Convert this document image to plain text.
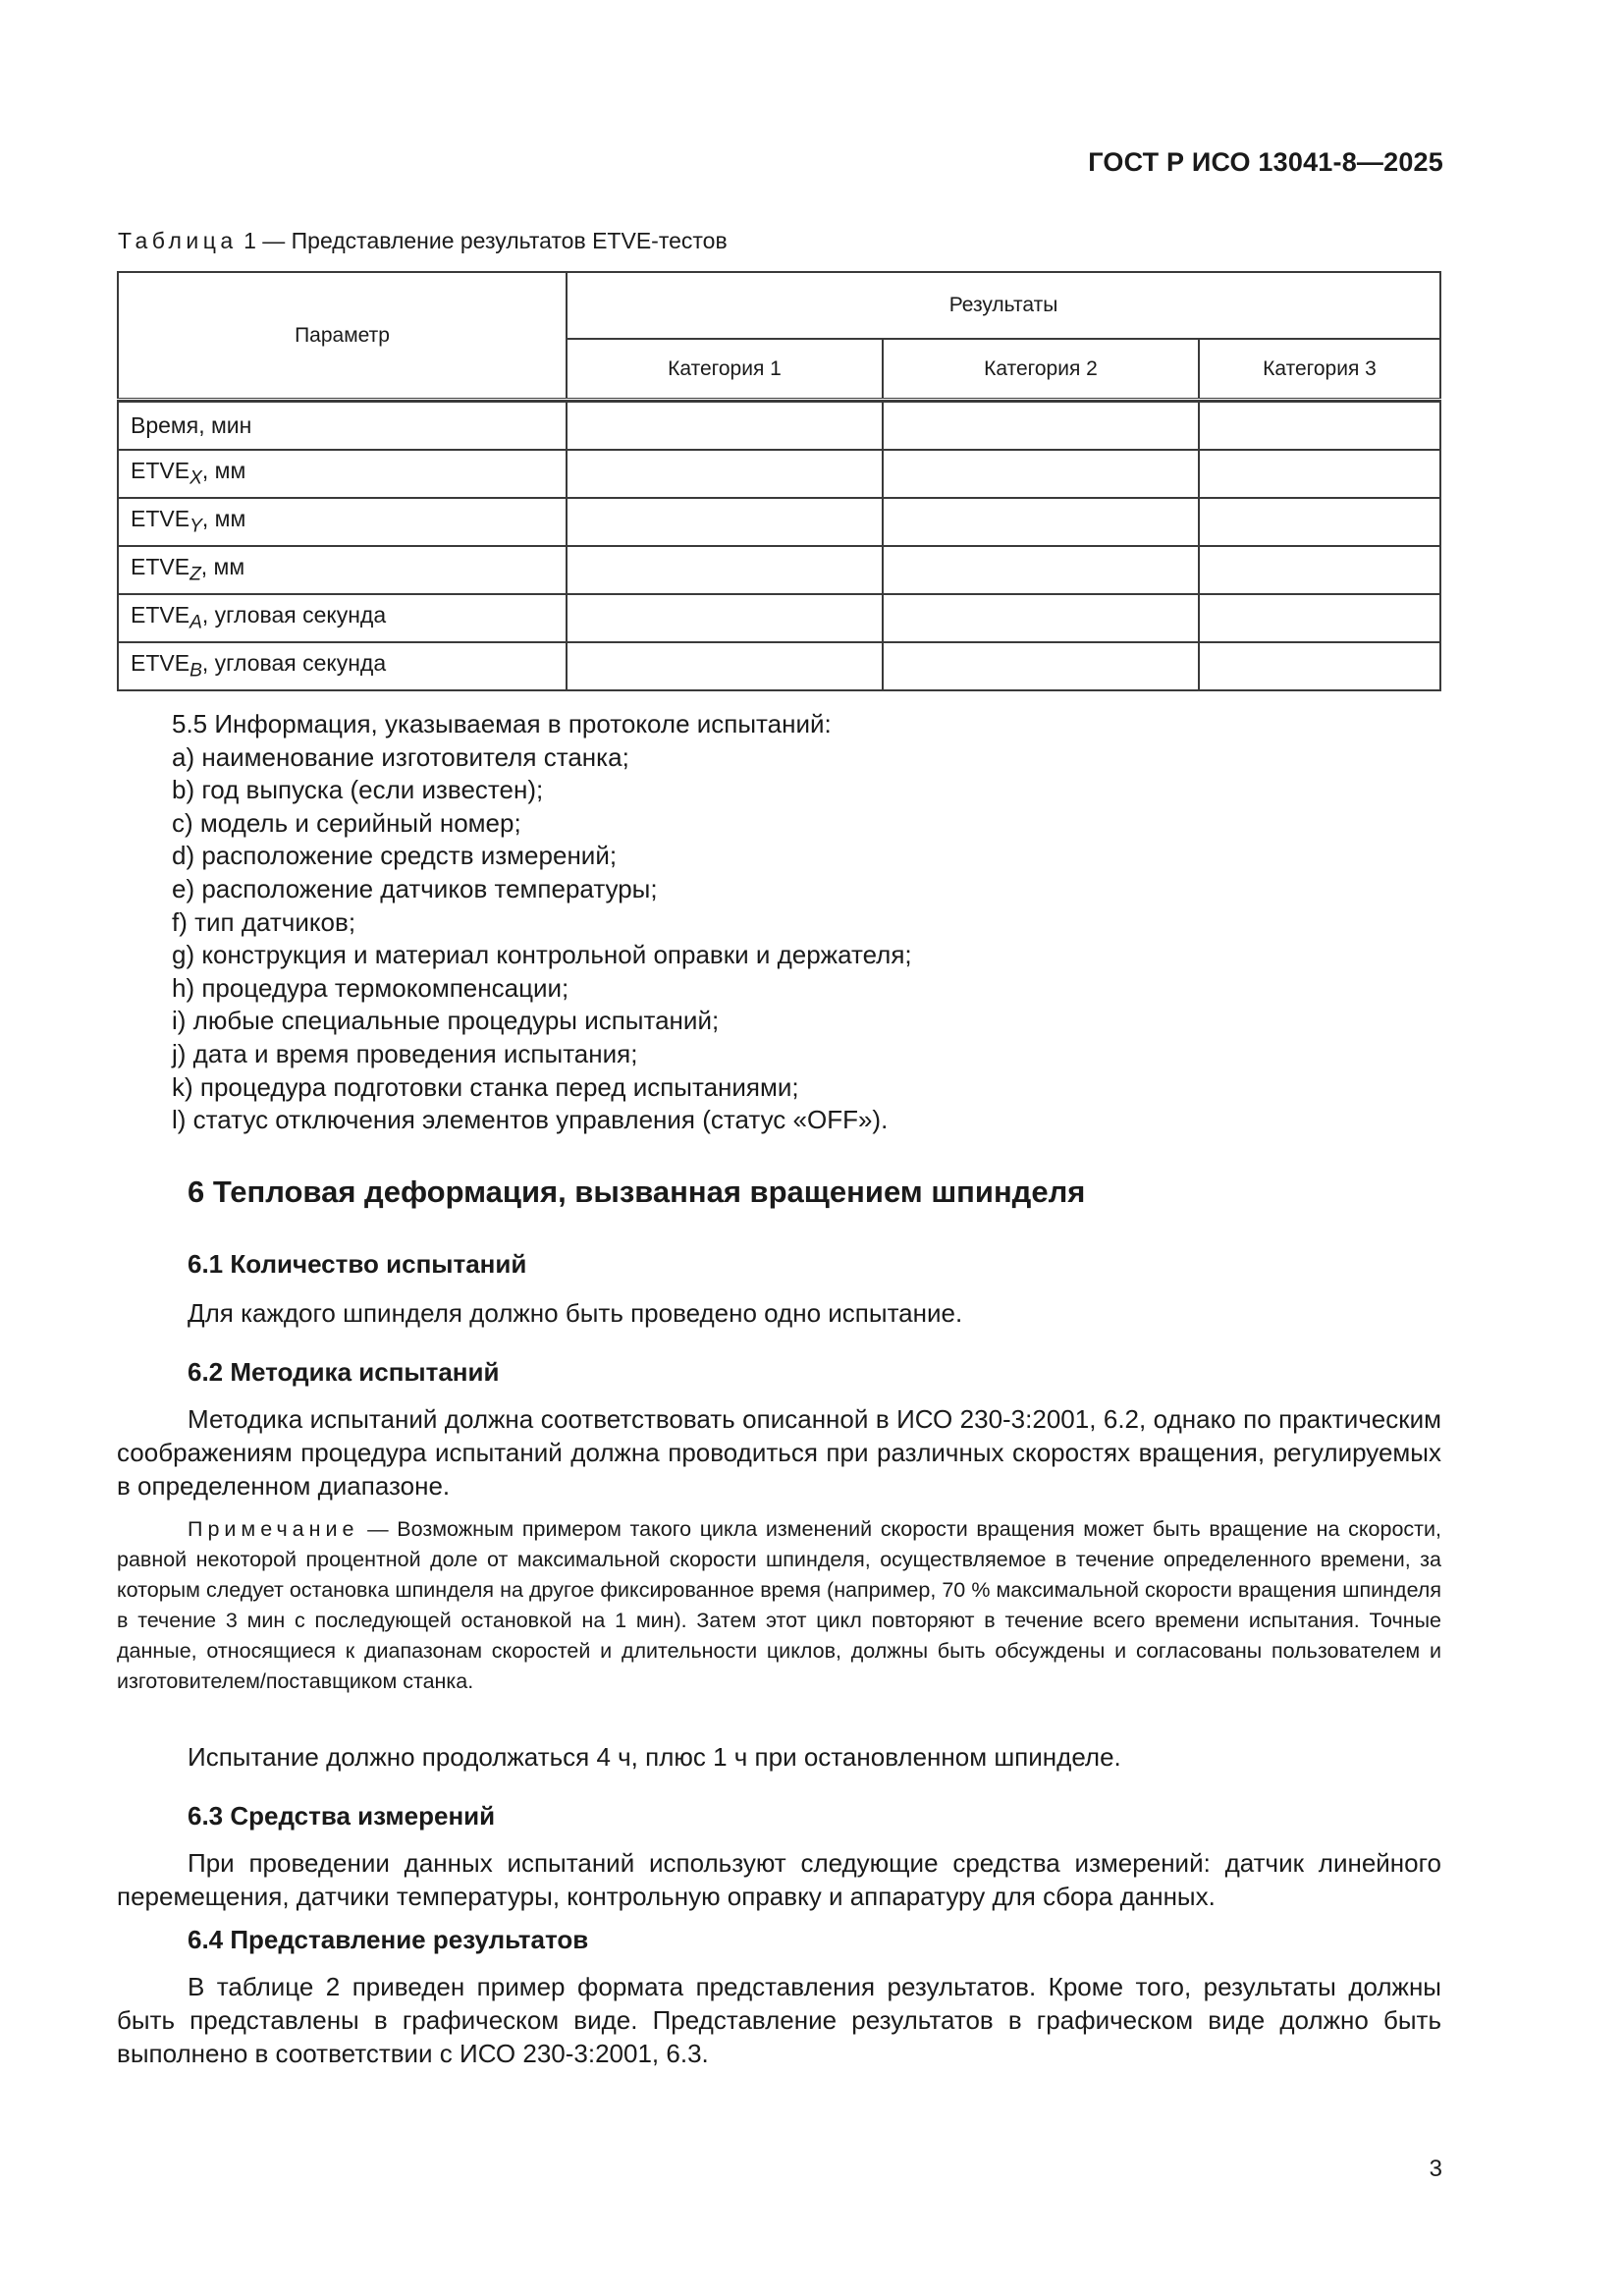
ГОСТ Р ИСО 13041-8—2025
Таблица 1 — Представление результатов ETVE-тестов
Параметр	Результаты		
	Категория 1	Категория 2	Категория 3

Время, мин			
$ETVE_X$, мм			
$ETVE_Y$, мм			
$ETVE_Z$, мм			
$ETVE_A$, угловая секунда			
$ETVE_B$, угловая секунда			
5.5 Информация, указываемая в протоколе испытаний:
a) наименование изготовителя станка;
b) год выпуска (если известен);
c) модель и серийный номер;
d) расположение средств измерений;
e) расположение датчиков температуры;
f) тип датчиков;
g) конструкция и материал контрольной оправки и держателя;
h) процедура термокомпенсации;
i) любые специальные процедуры испытаний;
j) дата и время проведения испытания;
k) процедура подготовки станка перед испытаниями;
l) статус отключения элементов управления (статус «OFF»).
6 Тепловая деформация, вызванная вращением шпинделя
6.1 Количество испытаний
Для каждого шпинделя должно быть проведено одно испытание.
6.2 Методика испытаний
Методика испытаний должна соответствовать описанной в ИСО 230-3:2001, 6.2, однако по практическим соображениям процедура испытаний должна проводиться при различных скоростях вращения, регулируемых в определенном диапазоне.
Примечание — Возможным примером такого цикла изменений скорости вращения может быть вращение на скорости, равной некоторой процентной доле от максимальной скорости шпинделя, осуществляемое в течение определенного времени, за которым следует остановка шпинделя на другое фиксированное время (например, 70 % максимальной скорости вращения шпинделя в течение 3 мин с последующей остановкой на 1 мин). Затем этот цикл повторяют в течение всего времени испытания. Точные данные, относящиеся к диапазонам скоростей и длительности циклов, должны быть обсуждены и согласованы пользователем и изготовителем/поставщиком станка.
Испытание должно продолжаться 4 ч, плюс 1 ч при остановленном шпинделе.
6.3 Средства измерений
При проведении данных испытаний используют следующие средства измерений: датчик линейного перемещения, датчики температуры, контрольную оправку и аппаратуру для сбора данных.
6.4 Представление результатов
В таблице 2 приведен пример формата представления результатов. Кроме того, результаты должны быть представлены в графическом виде. Представление результатов в графическом виде должно быть выполнено в соответствии с ИСО 230-3:2001, 6.3.
3
